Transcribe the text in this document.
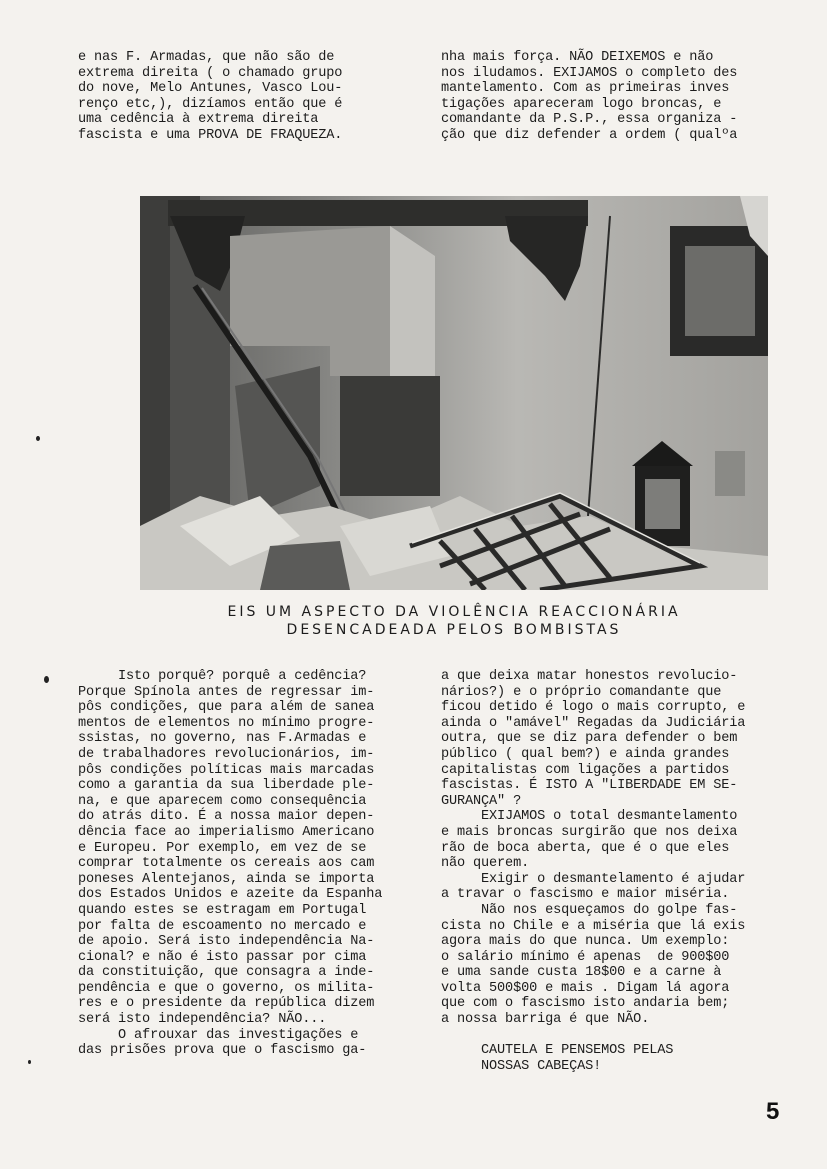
e nas F. Armadas, que não são de
extrema direita ( o chamado grupo
do nove, Melo Antunes, Vasco Lou-
renço etc,), dizíamos então que é
uma cedência à extrema direita
fascista e uma PROVA DE FRAQUEZA.
nha mais força. NÃO DEIXEMOS e não
nos iludamos. EXIJAMOS o completo des
mantelamento. Com as primeiras inves
tigações apareceram logo broncas, e
comandante da P.S.P., essa organiza -
ção que diz defender a ordem ( qualºa
EIS UM ASPECTO DA VIOLÊNCIA REACCIONÁRIA
DESENCADEADA PELOS BOMBISTAS
Isto porquê? porquê a cedência?
Porque Spínola antes de regressar im-
pôs condições, que para além de sanea
mentos de elementos no mínimo progre-
ssistas, no governo, nas F.Armadas e
de trabalhadores revolucionários, im-
pôs condições políticas mais marcadas
como a garantia da sua liberdade ple-
na, e que aparecem como consequência
do atrás dito. É a nossa maior depen-
dência face ao imperialismo Americano
e Europeu. Por exemplo, em vez de se
comprar totalmente os cereais aos cam
poneses Alentejanos, ainda se importa
dos Estados Unidos e azeite da Espanha
quando estes se estragam em Portugal
por falta de escoamento no mercado e
de apoio. Será isto independência Na-
cional? e não é isto passar por cima
da constituição, que consagra a inde-
pendência e que o governo, os milita-
res e o presidente da república dizem
será isto independência? NÃO...
O afrouxar das investigações e
das prisões prova que o fascismo ga-
a que deixa matar honestos revolucio-
nários?) e o próprio comandante que
ficou detido é logo o mais corrupto, e
ainda o "amável" Regadas da Judiciária
outra, que se diz para defender o bem
público ( qual bem?) e ainda grandes
capitalistas com ligações a partidos
fascistas. É ISTO A "LIBERDADE EM SE-
GURANÇA" ?
EXIJAMOS o total desmantelamento
e mais broncas surgirão que nos deixa
rão de boca aberta, que é o que eles
não querem.
Exigir o desmantelamento é ajudar
a travar o fascismo e maior miséria.
Não nos esqueçamos do golpe fas-
cista no Chile e a miséria que lá exis
agora mais do que nunca. Um exemplo:
o salário mínimo é apenas  de 900$00
e uma sande custa 18$00 e a carne à
volta 500$00 e mais . Digam lá agora
que com o fascismo isto andaria bem;
a nossa barriga é que NÃO.

CAUTELA E PENSEMOS PELAS
NOSSAS CABEÇAS!
5
